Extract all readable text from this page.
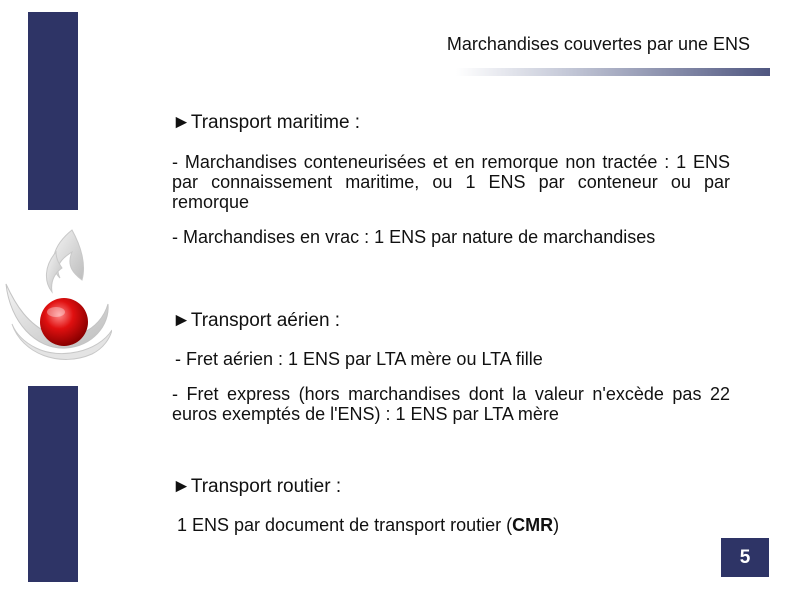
Marchandises couvertes par une ENS
►Transport maritime :
- Marchandises conteneurisées et en remorque non tractée : 1 ENS par connaissement maritime, ou 1 ENS par conteneur ou par remorque
- Marchandises en vrac : 1 ENS par nature de marchandises
►Transport aérien :
- Fret aérien : 1 ENS par LTA mère ou LTA fille
- Fret express (hors marchandises dont la valeur n'excède pas 22 euros exemptés de l'ENS) : 1 ENS par LTA mère
►Transport routier :
1 ENS par document de transport routier (CMR)
5
